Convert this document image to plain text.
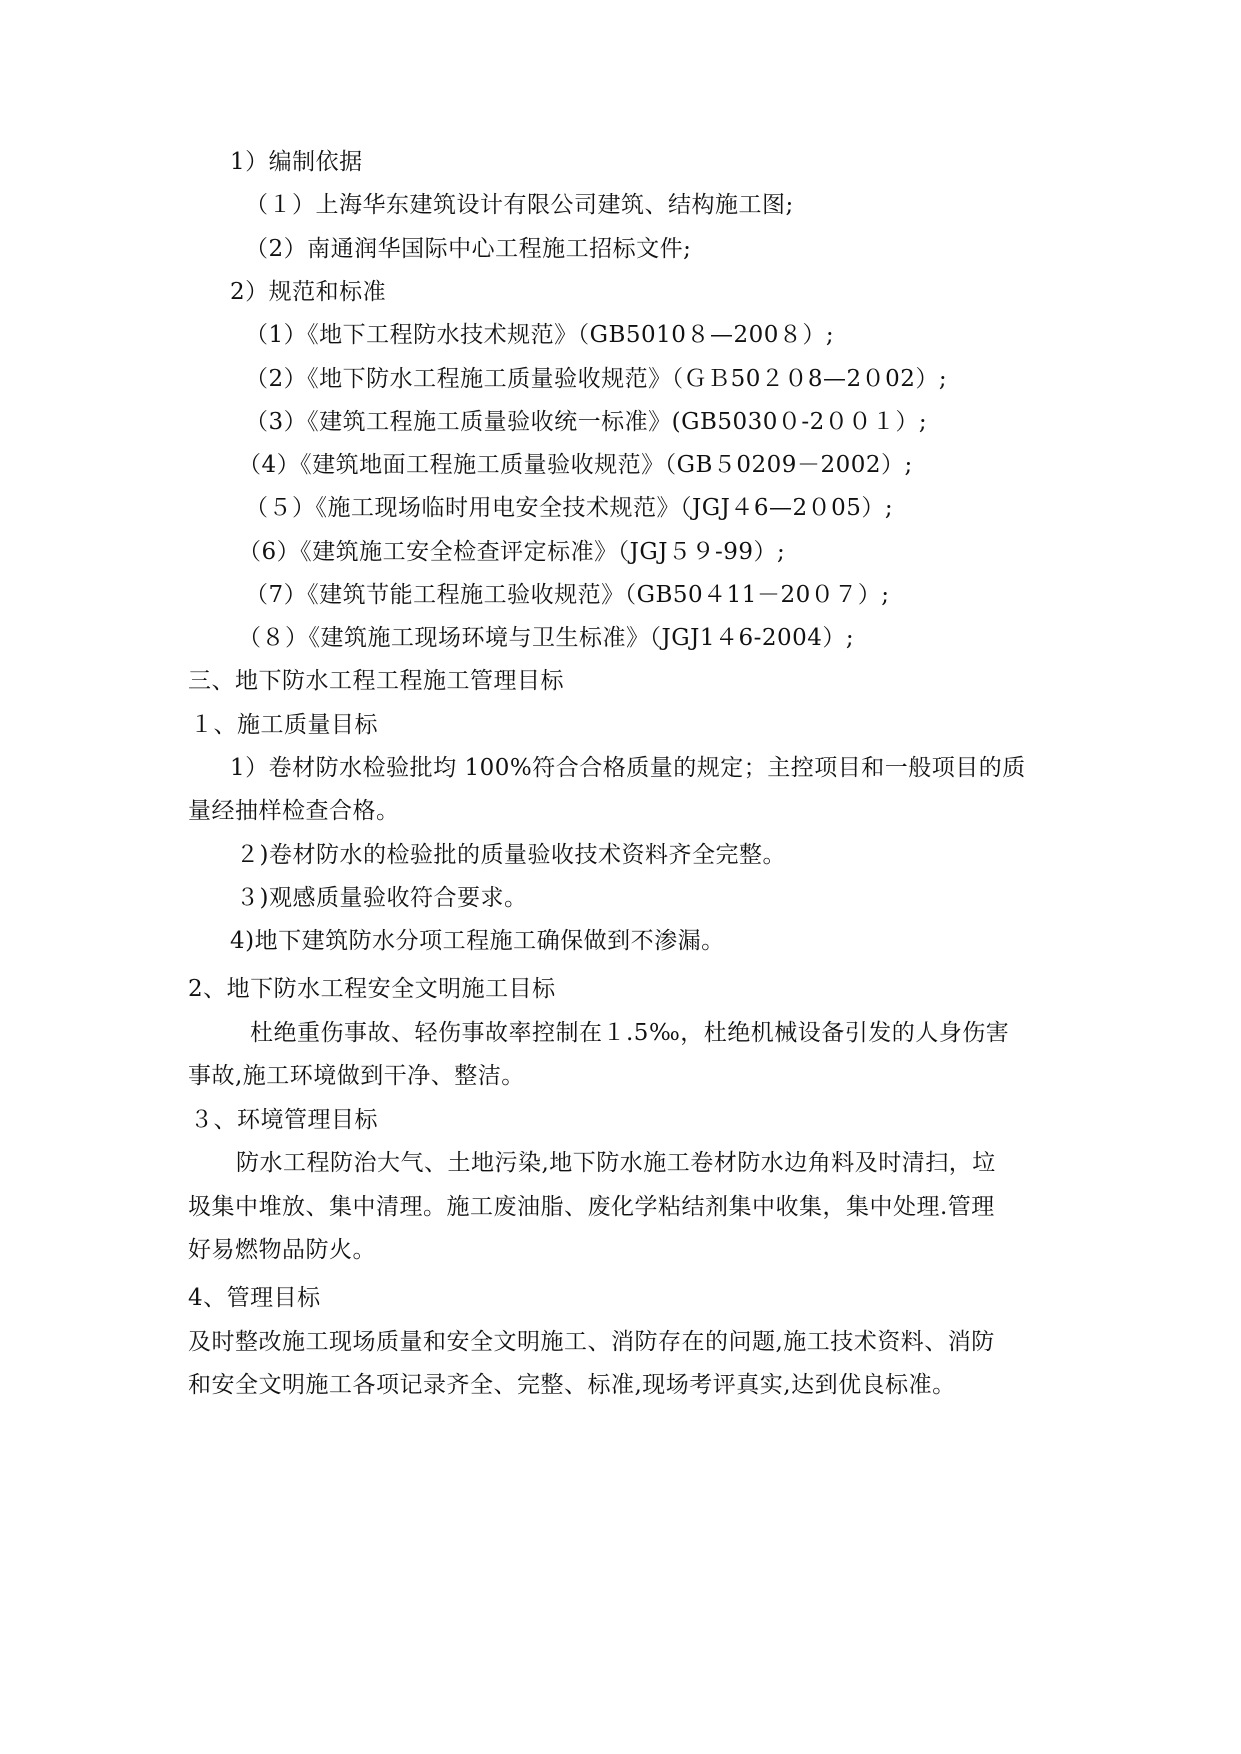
1）编制依据

（１）上海华东建筑设计有限公司建筑、结构施工图;

（2）南通润华国际中心工程施工招标文件;

2）规范和标准

（1）《地下工程防水技术规范》（GB5010８—200８）;

（2）《地下防水工程施工质量验收规范》（ＧＢ50２０8—2０02）;

（3）《建筑工程施工质量验收统一标准》(GB5030０-2００１）;

（4）《建筑地面工程施工质量验收规范》（GB５0209－2002）;

（５）《施工现场临时用电安全技术规范》（JGJ４6—2０05）;

（6）《建筑施工安全检查评定标准》（JGJ５９-99）;

（7）《建筑节能工程施工验收规范》（GB50４11－20０７）;

（８）《建筑施工现场环境与卫生标准》（JGJ1４6-2004）;

三、地下防水工程工程施工管理目标

１、施工质量目标

1）卷材防水检验批均 100%符合合格质量的规定；主控项目和一般项目的质

量经抽样检查合格。

２)卷材防水的检验批的质量验收技术资料齐全完整。

３)观感质量验收符合要求。

4)地下建筑防水分项工程施工确保做到不渗漏。

2、地下防水工程安全文明施工目标

杜绝重伤事故、轻伤事故率控制在１.5‰，杜绝机械设备引发的人身伤害

事故,施工环境做到干净、整洁。

３、环境管理目标

防水工程防治大气、土地污染,地下防水施工卷材防水边角料及时清扫，垃

圾集中堆放、集中清理。施工废油脂、废化学粘结剂集中收集，集中处理.管理

好易燃物品防火。

4、管理目标

及时整改施工现场质量和安全文明施工、消防存在的问题,施工技术资料、消防

和安全文明施工各项记录齐全、完整、标准,现场考评真实,达到优良标准。
